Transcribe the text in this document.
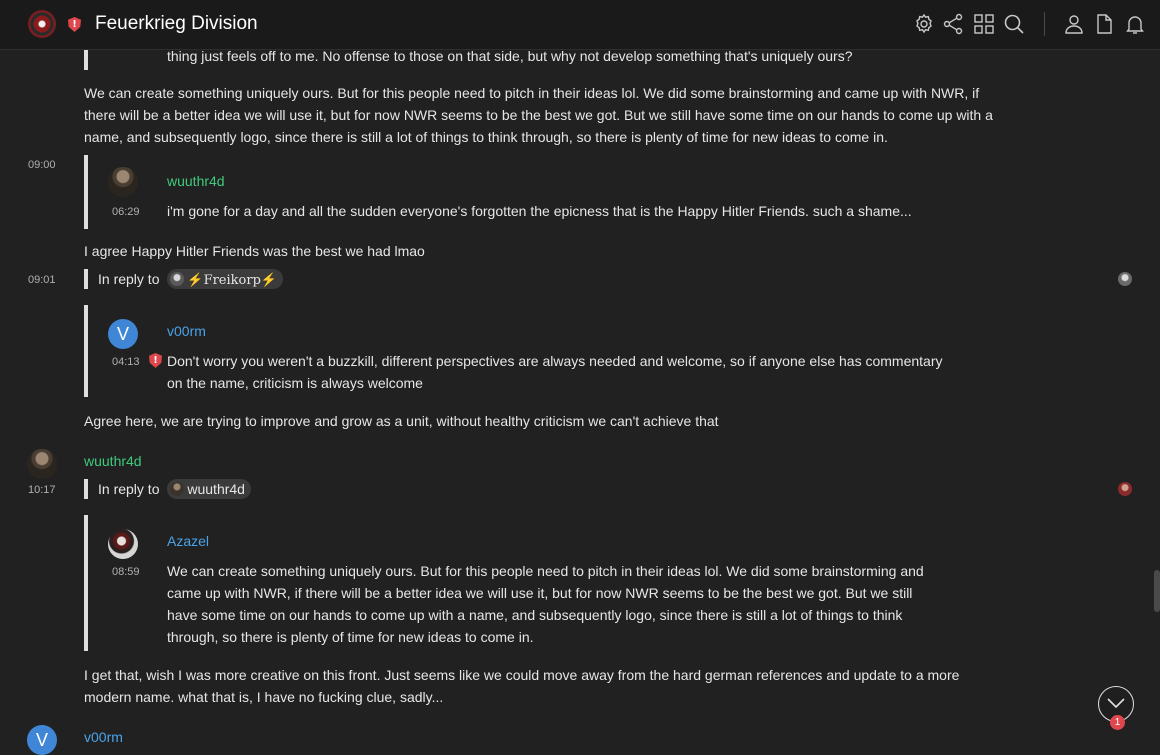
!
Feuerkrieg Division
thing just feels off to me. No offense to those on that side, but why not develop something that's uniquely ours?
We can create something uniquely ours. But for this people need to pitch in their ideas lol. We did some brainstorming and came up with NWR, if there will be a better idea we will use it, but for now NWR seems to be the best we got. But we still have some time on our hands to come up with a name, and subsequently logo, since there is still a lot of things to think through, so there is plenty of time for new ideas to come in.
09:00
wuuthr4d
06:29 i'm gone for a day and all the sudden everyone's forgotten the epicness that is the Happy Hitler Friends. such a shame...
I agree Happy Hitler Friends was the best we had lmao
09:01	In reply to ⚡Freikorp⚡
V	v00rm
04:13
! Don't worry you weren't a buzzkill, different perspectives are always needed and welcome, so if anyone else has commentary on the name, criticism is always welcome
Agree here, we are trying to improve and grow as a unit, without healthy criticism we can't achieve that
wuuthr4d
10:17	In reply to wuuthr4d
Azazel
08:59 We can create something uniquely ours. But for this people need to pitch in their ideas lol. We did some brainstorming and came up with NWR, if there will be a better idea we will use it, but for now NWR seems to be the best we got. But we still have some time on our hands to come up with a name, and subsequently logo, since there is still a lot of things to think through, so there is plenty of time for new ideas to come in.
I get that, wish I was more creative on this front. Just seems like we could move away from the hard german references and update to a more modern name. what that is, I have no fucking clue, sadly...
V	v00rm
1
